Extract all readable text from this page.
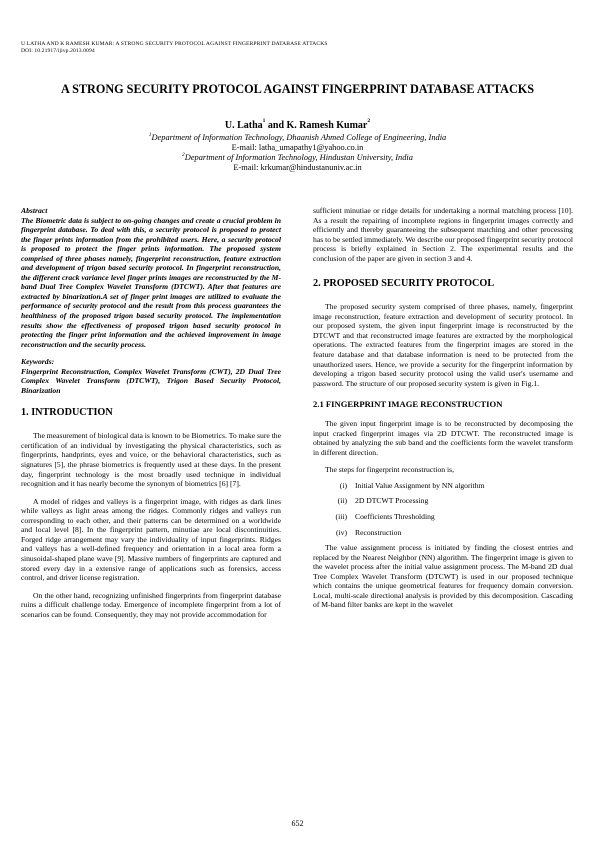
U LATHA AND K RAMESH KUMAR: A STRONG SECURITY PROTOCOL AGAINST FINGERPRINT DATABASE ATTACKS
DOI: 10.21917/ijivp.2013.0094
A STRONG SECURITY PROTOCOL AGAINST FINGERPRINT DATABASE ATTACKS
U. Latha$^1$ and K. Ramesh Kumar$^2$
$^1$Department of Information Technology, Dhaanish Ahmed College of Engineering, India
E-mail: latha_umapathy1@yahoo.co.in
$^2$Department of Information Technology, Hindustan University, India
E-mail: krkumar@hindustanuniv.ac.in

Abstract

The Biometric data is subject to on-going changes and create a crucial problem in fingerprint database. To deal with this, a security protocol is proposed to protect the finger prints information from the prohibited users. Here, a security protocol is proposed to protect the finger prints information. The proposed system comprised of three phases namely, fingerprint reconstruction, feature extraction and development of trigon based security protocol. In fingerprint reconstruction, the different crack variance level finger prints images are reconstructed by the M-band Dual Tree Complex Wavelet Transform (DTCWT). After that features are extracted by binarization.A set of finger print images are utilized to evaluate the performance of security protocol and the result from this process guarantees the healthiness of the proposed trigon based security protocol. The implementation results show the effectiveness of proposed trigon based security protocol in protecting the finger print information and the achieved improvement in image reconstruction and the security process.

Keywords:

Fingerprint Reconstruction, Complex Wavelet Transform (CWT), 2D Dual Tree Complex Wavelet Transform (DTCWT), Trigon Based Security Protocol, Binarization

1. INTRODUCTION

The measurement of biological data is known to be Biometrics. To make sure the certification of an individual by investigating the physical characteristics, such as fingerprints, handprints, eyes and voice, or the behavioral characteristics, such as signatures [5], the phrase biometrics is frequently used at these days. In the present day, fingerprint technology is the most broadly used technique in individual recognition and it has nearly become the synonym of biometrics [6] [7].

A model of ridges and valleys is a fingerprint image, with ridges as dark lines while valleys as light areas among the ridges. Commonly ridges and valleys run corresponding to each other, and their patterns can be determined on a worldwide and local level [8]. In the fingerprint pattern, minutiae are local discontinuities. Forged ridge arrangement may vary the individuality of input fingerprints. Ridges and valleys has a well-defined frequency and orientation in a local area form a sinusoidal-shaped plane wave [9]. Massive numbers of fingerprints are captured and stored every day in a extensive range of applications such as forensics, access control, and driver license registration.

On the other hand, recognizing unfinished fingerprints from fingerprint database ruins a difficult challenge today. Emergence of incomplete fingerprint from a lot of scenarios can be found. Consequently, they may not provide accommodation for

sufficient minutiae or ridge details for undertaking a normal matching process [10]. As a result the repairing of incomplete regions in fingerprint images correctly and efficiently and thereby guaranteeing the subsequent matching and other processing has to be settled immediately. We describe our proposed fingerprint security protocol process is briefly explained in Section 2. The experimental results and the conclusion of the paper are given in section 3 and 4.

2. PROPOSED SECURITY PROTOCOL

The proposed security system comprised of three phases, namely, fingerprint image reconstruction, feature extraction and development of security protocol. In our proposed system, the given input fingerprint image is reconstructed by the DTCWT and that reconstructed image features are extracted by the morphological operations. The extracted features from the fingerprint images are stored in the feature database and that database information is need to be protected from the unauthorized users. Hence, we provide a security for the fingerprint information by developing a trigon based security protocol using the valid user's username and password. The structure of our proposed security system is given in Fig.1.

2.1 FINGERPRINT IMAGE RECONSTRUCTION

The given input fingerprint image is to be reconstructed by decomposing the input cracked fingerprint images via 2D DTCWT. The reconstructed image is obtained by analyzing the sub band and the coefficients form the wavelet transform in different direction.

The steps for fingerprint reconstruction is,

(i)	Initial Value Assignment by NN algorithm
(ii)	2D DTCWT Processing
(iii)	Coefficients Thresholding
(iv)	Reconstruction

The value assignment process is initiated by finding the closest entries and replaced by the Nearest Neighbor (NN) algorithm. The fingerprint image is given to the wavelet process after the initial value assignment process. The M-band 2D dual Tree Complex Wavelet Transform (DTCWT) is used in our proposed technique which contains the unique geometrical features for frequency domain conversion. Local, multi-scale directional analysis is provided by this decomposition. Cascading of M-band filter banks are kept in the wavelet

652
